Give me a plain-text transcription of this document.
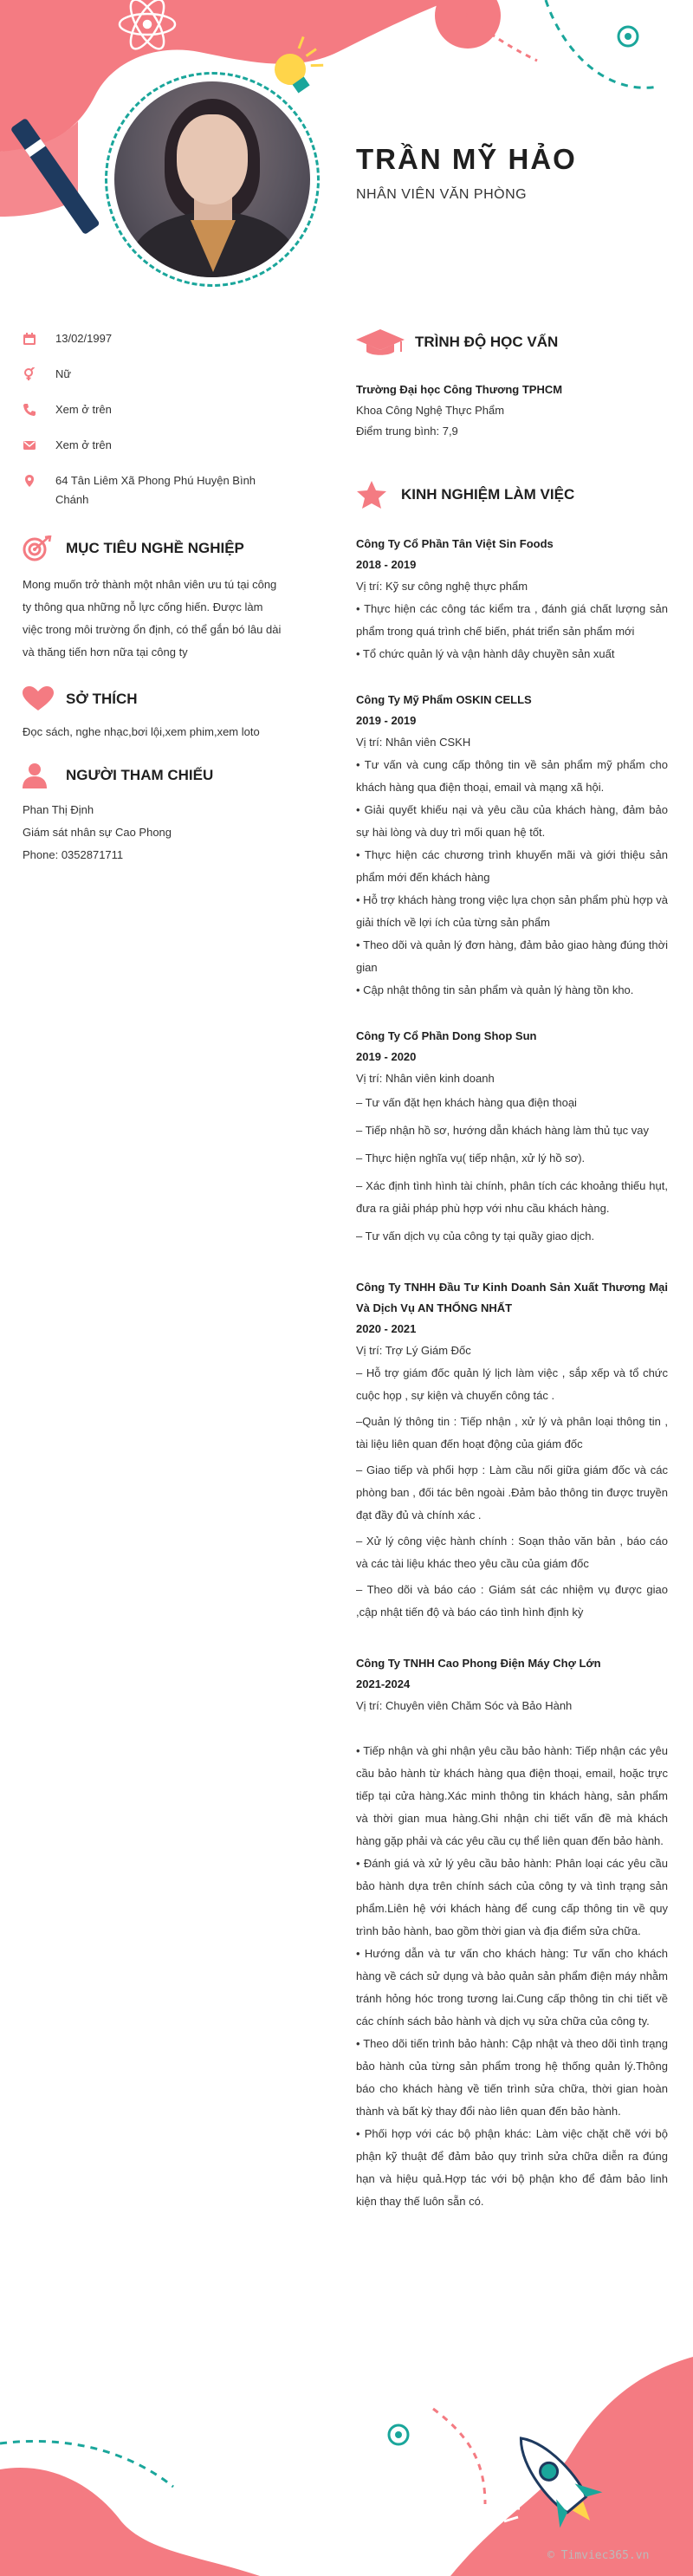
TRẦN MỸ HẢO
NHÂN VIÊN VĂN PHÒNG
13/02/1997
Nữ
Xem ở trên
Xem ở trên
64 Tân Liêm Xã Phong Phú Huyện Bình Chánh
MỤC TIÊU NGHỀ NGHIỆP
Mong muốn trở thành một nhân viên ưu tú tại công ty thông qua những nỗ lực cống hiến. Được làm việc trong môi trường ổn định, có thể gắn bó lâu dài và thăng tiến hơn nữa tại công ty
SỞ THÍCH
Đọc sách, nghe nhạc,bơi lội,xem phim,xem loto
NGƯỜI THAM CHIẾU
Phan Thị Định
Giám sát nhân sự Cao Phong
Phone: 0352871711
TRÌNH ĐỘ HỌC VẤN
Trường Đại học Công Thương TPHCM
Khoa Công Nghệ Thực Phẩm
Điểm trung bình: 7,9
KINH NGHIỆM LÀM VIỆC
Công Ty Cổ Phần Tân Việt Sin Foods
2018 - 2019
Vị trí: Kỹ sư công nghệ thực phẩm
• Thực hiện các công tác kiểm tra , đánh giá chất lượng sản phẩm trong quá trình chế biến, phát triển sản phẩm mới
• Tổ chức quản lý và vận hành dây chuyền sản xuất
Công Ty Mỹ Phẩm OSKIN CELLS
2019 - 2019
Vị trí: Nhân viên CSKH
• Tư vấn và cung cấp thông tin về sản phẩm mỹ phẩm cho khách hàng qua điện thoại, email và mạng xã hội.
• Giải quyết khiếu nại và yêu cầu của khách hàng, đảm bảo sự hài lòng và duy trì mối quan hệ tốt.
• Thực hiện các chương trình khuyến mãi và giới thiệu sản phẩm mới đến khách hàng
• Hỗ trợ khách hàng trong việc lựa chọn sản phẩm phù hợp và giải thích về lợi ích của từng sản phẩm
• Theo dõi và quản lý đơn hàng, đảm bảo giao hàng đúng thời gian
• Cập nhật thông tin sản phẩm và quản lý hàng tồn kho.
Công Ty Cổ Phần Dong Shop Sun
2019 - 2020
Vị trí: Nhân viên kinh doanh
– Tư vấn đặt hẹn khách hàng qua điện thoại
– Tiếp nhận hồ sơ, hướng dẫn khách hàng làm thủ tục vay
– Thực hiện nghĩa vụ( tiếp nhận, xử lý hồ sơ).
– Xác định tình hình tài chính, phân tích các khoảng thiếu hụt, đưa ra giải pháp phù hợp với nhu cầu khách hàng.
– Tư vấn dịch vụ của công ty tại quầy giao dịch.
Công Ty TNHH Đầu Tư Kinh Doanh Sản Xuất Thương Mại Và Dịch Vụ AN THỐNG NHẤT
2020 - 2021
Vị trí: Trợ Lý Giám Đốc
– Hỗ trợ giám đốc quản lý lịch làm việc , sắp xếp và tổ chức cuộc họp , sự kiện và chuyến công tác .
–Quản lý thông tin : Tiếp nhận , xử lý và phân loại thông tin , tài liệu liên quan đến hoạt động của giám đốc
– Giao tiếp và phối hợp : Làm cầu nối giữa giám đốc và các phòng ban , đối tác bên ngoài .Đảm bảo thông tin được truyền đạt đầy đủ và chính xác .
– Xử lý công việc hành chính : Soạn thảo văn bản , báo cáo và các tài liệu khác theo yêu cầu của giám đốc
– Theo dõi và báo cáo : Giám sát các nhiệm vụ được giao ,cập nhật tiến độ và báo cáo tình hình định kỳ
Công Ty TNHH Cao Phong Điện Máy Chợ Lớn
2021-2024
Vị trí: Chuyên viên Chăm Sóc và Bảo Hành
• Tiếp nhận và ghi nhận yêu cầu bảo hành: Tiếp nhận các yêu cầu bảo hành từ khách hàng qua điện thoại, email, hoặc trực tiếp tại cửa hàng.Xác minh thông tin khách hàng, sản phẩm và thời gian mua hàng.Ghi nhận chi tiết vấn đề mà khách hàng gặp phải và các yêu cầu cụ thể liên quan đến bảo hành.
• Đánh giá và xử lý yêu cầu bảo hành: Phân loại các yêu cầu bảo hành dựa trên chính sách của công ty và tình trạng sản phẩm.Liên hệ với khách hàng để cung cấp thông tin về quy trình bảo hành, bao gồm thời gian và địa điểm sửa chữa.
• Hướng dẫn và tư vấn cho khách hàng: Tư vấn cho khách hàng về cách sử dụng và bảo quản sản phẩm điện máy nhằm tránh hỏng hóc trong tương lai.Cung cấp thông tin chi tiết về các chính sách bảo hành và dịch vụ sửa chữa của công ty.
• Theo dõi tiến trình bảo hành: Cập nhật và theo dõi tình trạng bảo hành của từng sản phẩm trong hệ thống quản lý.Thông báo cho khách hàng về tiến trình sửa chữa, thời gian hoàn thành và bất kỳ thay đổi nào liên quan đến bảo hành.
• Phối hợp với các bộ phận khác: Làm việc chặt chẽ với bộ phận kỹ thuật để đảm bảo quy trình sửa chữa diễn ra đúng hạn và hiệu quả.Hợp tác với bộ phận kho để đảm bảo linh kiện thay thế luôn sẵn có.
© Timviec365.vn
